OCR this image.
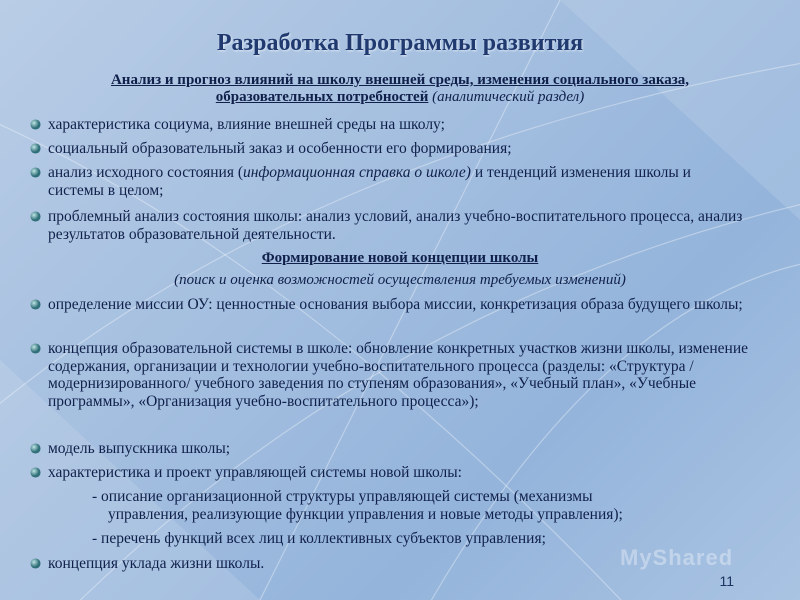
Разработка Программы развития
Анализ и прогноз влияний на школу внешней среды, изменения социального заказа,
образовательных потребностей (аналитический раздел)
характеристика социума, влияние внешней среды на школу;
социальный образовательный заказ и особенности его формирования;
анализ исходного состояния (информационная справка о школе) и тенденций изменения школы и системы в целом;
проблемный анализ состояния школы: анализ условий, анализ учебно-воспитательного процесса, анализ результатов образовательной деятельности.
Формирование новой концепции школы
(поиск и оценка возможностей осуществления требуемых изменений)
определение миссии ОУ: ценностные основания выбора миссии, конкретизация образа будущего школы;
концепция образовательной системы в школе: обновление конкретных участков жизни школы, изменение содержания, организации и технологии учебно-воспитательного процесса (разделы: «Структура /модернизированного/ учебного заведения по ступеням образования», «Учебный план», «Учебные программы», «Организация учебно-воспитательного процесса»);
модель выпускника школы;
характеристика и проект управляющей системы новой школы:
- описание организационной структуры управляющей системы (механизмы
управления, реализующие функции управления и новые методы управления);
- перечень функций всех лиц и коллективных субъектов управления;
концепция уклада жизни школы.	MyShared
11
